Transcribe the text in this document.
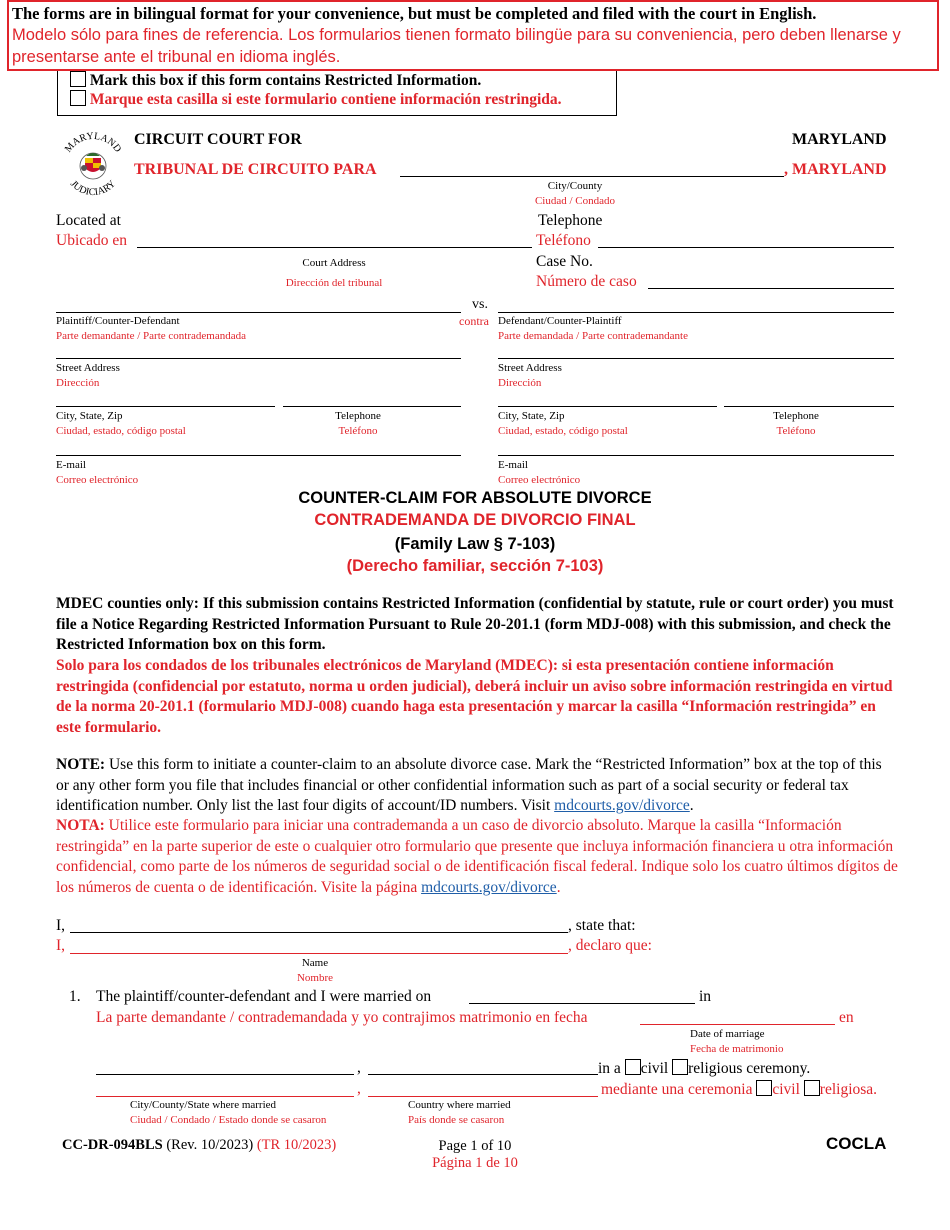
The forms are in bilingual format for your convenience, but must be completed and filed with the court in English.
Modelo sólo para fines de referencia. Los formularios tienen formato bilingüe para su conveniencia, pero deben llenarse y presentarse ante el tribunal en idioma inglés.
Mark this box if this form contains Restricted Information.
Marque esta casilla si este formulario contiene información restringida.
MARYLAND
JUDICIARY
CIRCUIT COURT FOR	MARYLAND
TRIBUNAL DE CIRCUITO PARA	, MARYLAND
City/County
Ciudad / Condado
Located at
Ubicado en
Court Address
Dirección del tribunal
Telephone
Teléfono
Case No.
Número de caso
vs.
contra
Plaintiff/Counter-Defendant
Parte demandante / Parte contrademandada
Defendant/Counter-Plaintiff
Parte demandada / Parte contrademandante
Street Address
Dirección
Street Address
Dirección
City, State, Zip
Ciudad, estado, código postal
Telephone
Teléfono
City, State, Zip
Ciudad, estado, código postal
Telephone
Teléfono
E-mail
Correo electrónico
E-mail
Correo electrónico
COUNTER-CLAIM FOR ABSOLUTE DIVORCE
CONTRADEMANDA DE DIVORCIO FINAL
(Family Law § 7-103)
(Derecho familiar, sección 7-103)
MDEC counties only: If this submission contains Restricted Information (confidential by statute, rule or court order) you must file a Notice Regarding Restricted Information Pursuant to Rule 20-201.1 (form MDJ-008) with this submission, and check the Restricted Information box on this form.
Solo para los condados de los tribunales electrónicos de Maryland (MDEC): si esta presentación contiene información restringida (confidencial por estatuto, norma u orden judicial), deberá incluir un aviso sobre información restringida en virtud de la norma 20-201.1 (formulario MDJ-008) cuando haga esta presentación y marcar la casilla “Información restringida” en este formulario.
NOTE: Use this form to initiate a counter-claim to an absolute divorce case. Mark the “Restricted Information” box at the top of this or any other form you file that includes financial or other confidential information such as part of a social security or federal tax identification number. Only list the last four digits of account/ID numbers. Visit mdcourts.gov/divorce.
NOTA: Utilice este formulario para iniciar una contrademanda a un caso de divorcio absoluto. Marque la casilla “Información restringida” en la parte superior de este o cualquier otro formulario que presente que incluya información financiera u otra información confidencial, como parte de los números de seguridad social o de identificación fiscal federal. Indique solo los cuatro últimos dígitos de los números de cuenta o de identificación. Visite la página mdcourts.gov/divorce.
I,	, state that:
I,	, declaro que:
Name
Nombre
1. The plaintiff/counter-defendant and I were married on	in
La parte demandante / contrademandada y yo contrajimos matrimonio en fecha	en
Date of marriage
Fecha de matrimonio
,	in a civil religious ceremony.
,	mediante una ceremonia civil religiosa.
City/County/State where married
Ciudad / Condado / Estado donde se casaron
Country where married
País donde se casaron
CC-DR-094BLS (Rev. 10/2023) (TR 10/2023)	Page 1 of 10
Página 1 de 10
COCLA
